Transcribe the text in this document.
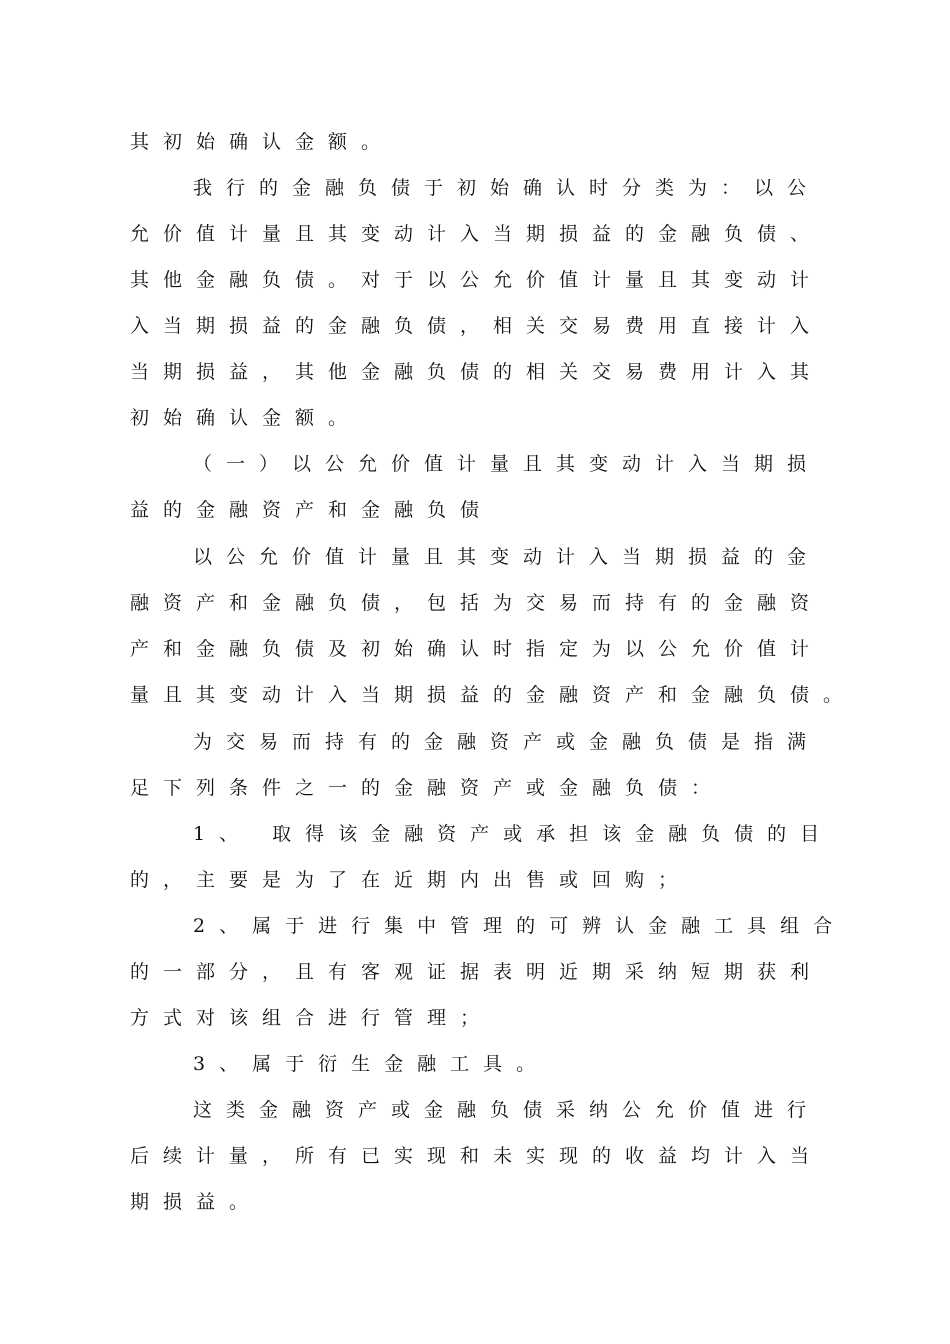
其初始确认金额。
我行的金融负债于初始确认时分类为：以公
允价值计量且其变动计入当期损益的金融负债、
其他金融负债。对于以公允价值计量且其变动计
入当期损益的金融负债，相关交易费用直接计入
当期损益，其他金融负债的相关交易费用计入其
初始确认金额。
（一）以公允价值计量且其变动计入当期损
益的金融资产和金融负债
以公允价值计量且其变动计入当期损益的金
融资产和金融负债，包括为交易而持有的金融资
产和金融负债及初始确认时指定为以公允价值计
量且其变动计入当期损益的金融资产和金融负债。
为交易而持有的金融资产或金融负债是指满
足下列条件之一的金融资产或金融负债：
1、 取得该金融资产或承担该金融负债的目
的，主要是为了在近期内出售或回购；
2、属于进行集中管理的可辨认金融工具组合
的一部分，且有客观证据表明近期采纳短期获利
方式对该组合进行管理；
3、属于衍生金融工具。
这类金融资产或金融负债采纳公允价值进行
后续计量，所有已实现和未实现的收益均计入当
期损益。
